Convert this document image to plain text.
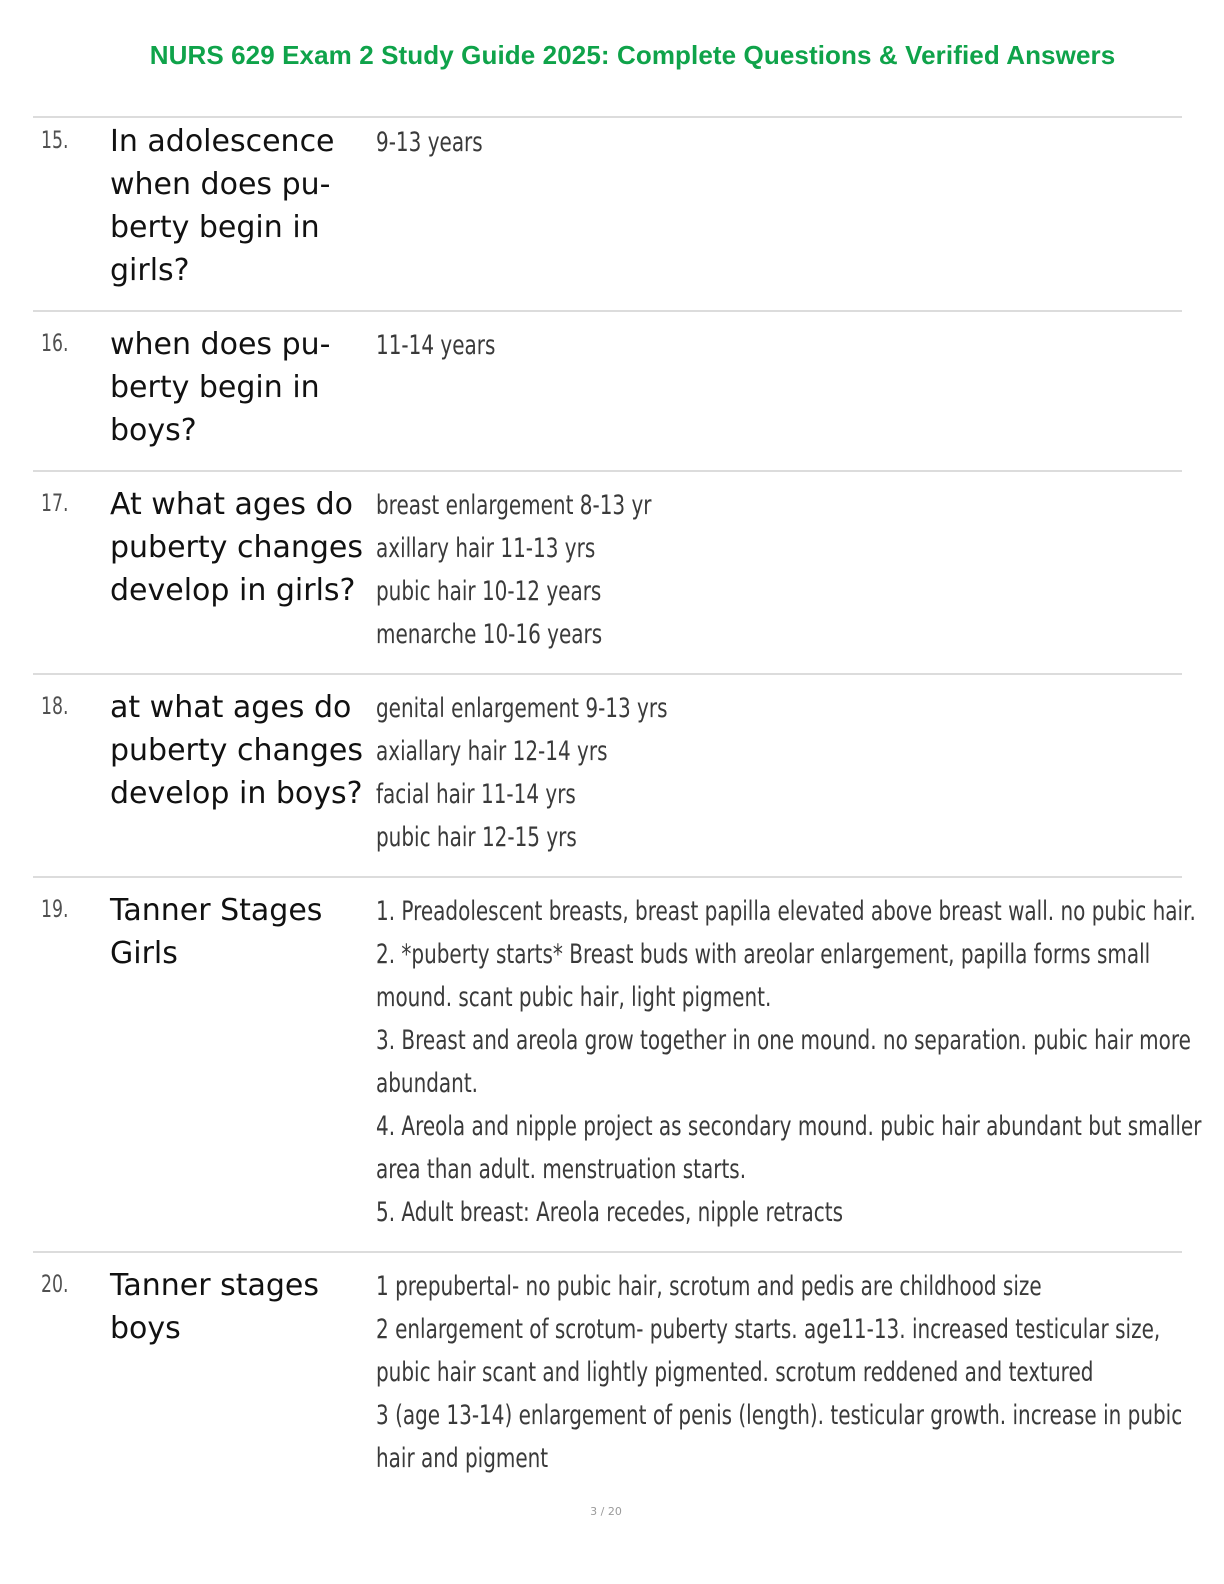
NURS 629 Exam 2 Study Guide 2025: Complete Questions & Verified Answers
15. In adolescence
when does pu-
berty begin in
girls?
9-13 years
16. when does pu-
berty begin in
boys?
11-14 years
17. At what ages do
puberty changes
develop in girls?
breast enlargement 8-13 yr
axillary hair 11-13 yrs
pubic hair 10-12 years
menarche 10-16 years
18. at what ages do
puberty changes
develop in boys?
genital enlargement 9-13 yrs
axiallary hair 12-14 yrs
facial hair 11-14 yrs
pubic hair 12-15 yrs
19. Tanner Stages
Girls
1. Preadolescent breasts, breast papilla elevated above breast wall. no pubic hair.
2. *puberty starts* Breast buds with areolar enlargement, papilla forms small
mound. scant pubic hair, light pigment.
3. Breast and areola grow together in one mound. no separation. pubic hair more
abundant.
4. Areola and nipple project as secondary mound. pubic hair abundant but smaller
area than adult. menstruation starts.
5. Adult breast: Areola recedes, nipple retracts
20. Tanner stages
boys
1 prepubertal- no pubic hair, scrotum and pedis are childhood size
2 enlargement of scrotum- puberty starts. age11-13. increased testicular size,
pubic hair scant and lightly pigmented. scrotum reddened and textured
3 (age 13-14) enlargement of penis (length). testicular growth. increase in pubic
hair and pigment
3 / 20
